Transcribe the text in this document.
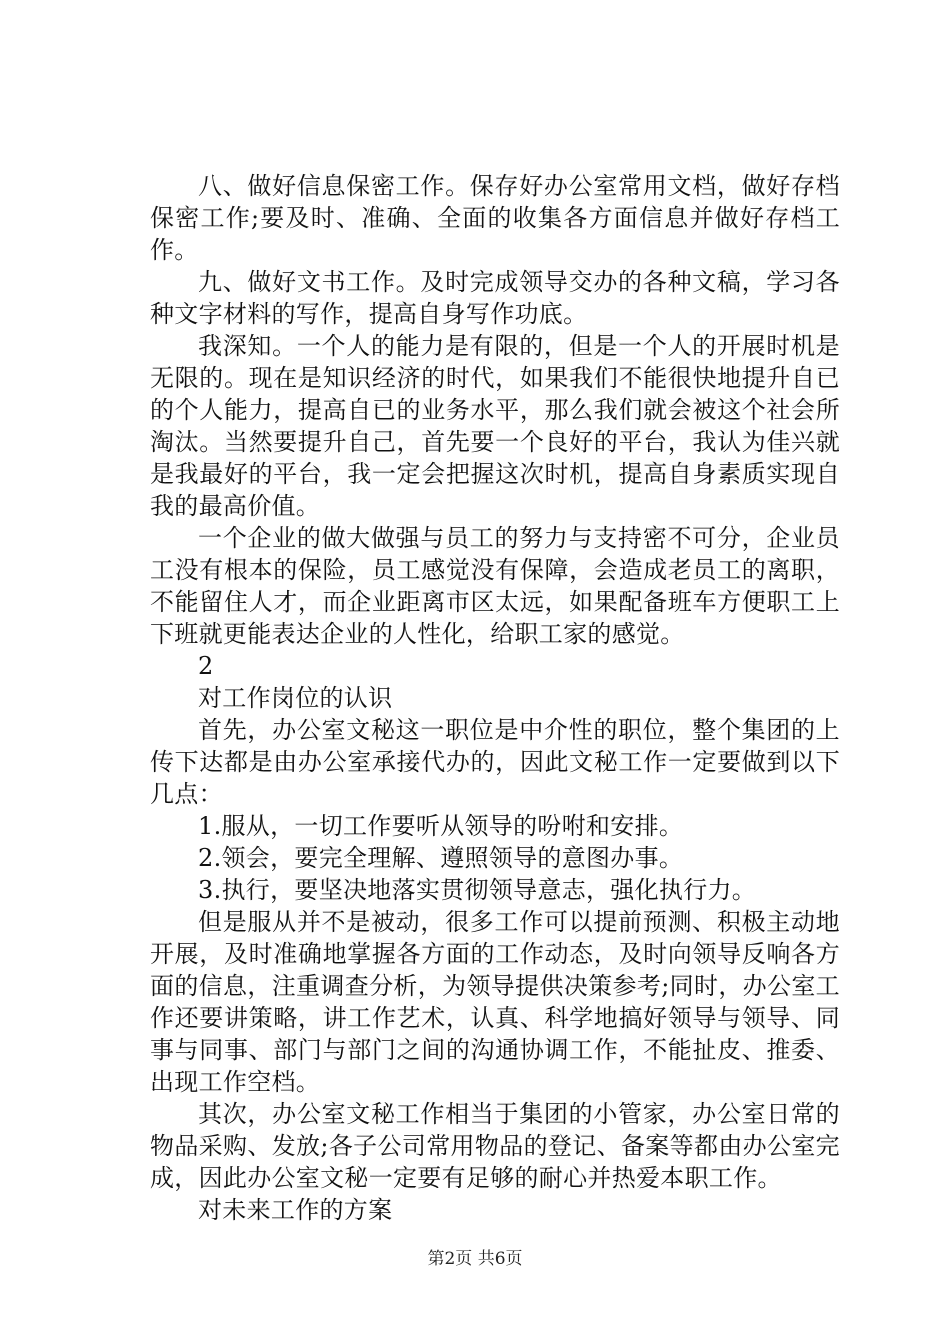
八、做好信息保密工作。保存好办公室常用文档，做好存档保密工作;要及时、准确、全面的收集各方面信息并做好存档工作。

九、做好文书工作。及时完成领导交办的各种文稿，学习各种文字材料的写作，提高自身写作功底。

我深知。一个人的能力是有限的，但是一个人的开展时机是无限的。现在是知识经济的时代，如果我们不能很快地提升自已的个人能力，提高自已的业务水平，那么我们就会被这个社会所淘汰。当然要提升自己，首先要一个良好的平台，我认为佳兴就是我最好的平台，我一定会把握这次时机，提高自身素质实现自我的最高价值。

一个企业的做大做强与员工的努力与支持密不可分，企业员工没有根本的保险，员工感觉没有保障，会造成老员工的离职，不能留住人才，而企业距离市区太远，如果配备班车方便职工上下班就更能表达企业的人性化，给职工家的感觉。

2

对工作岗位的认识

首先，办公室文秘这一职位是中介性的职位，整个集团的上传下达都是由办公室承接代办的，因此文秘工作一定要做到以下几点：

1.服从，一切工作要听从领导的吩咐和安排。

2.领会，要完全理解、遵照领导的意图办事。

3.执行，要坚决地落实贯彻领导意志，强化执行力。

但是服从并不是被动，很多工作可以提前预测、积极主动地开展，及时准确地掌握各方面的工作动态，及时向领导反响各方面的信息，注重调查分析，为领导提供决策参考;同时，办公室工作还要讲策略，讲工作艺术，认真、科学地搞好领导与领导、同事与同事、部门与部门之间的沟通协调工作，不能扯皮、推委、出现工作空档。

其次，办公室文秘工作相当于集团的小管家，办公室日常的物品采购、发放;各子公司常用物品的登记、备案等都由办公室完成，因此办公室文秘一定要有足够的耐心并热爱本职工作。

对未来工作的方案

第2页 共6页
